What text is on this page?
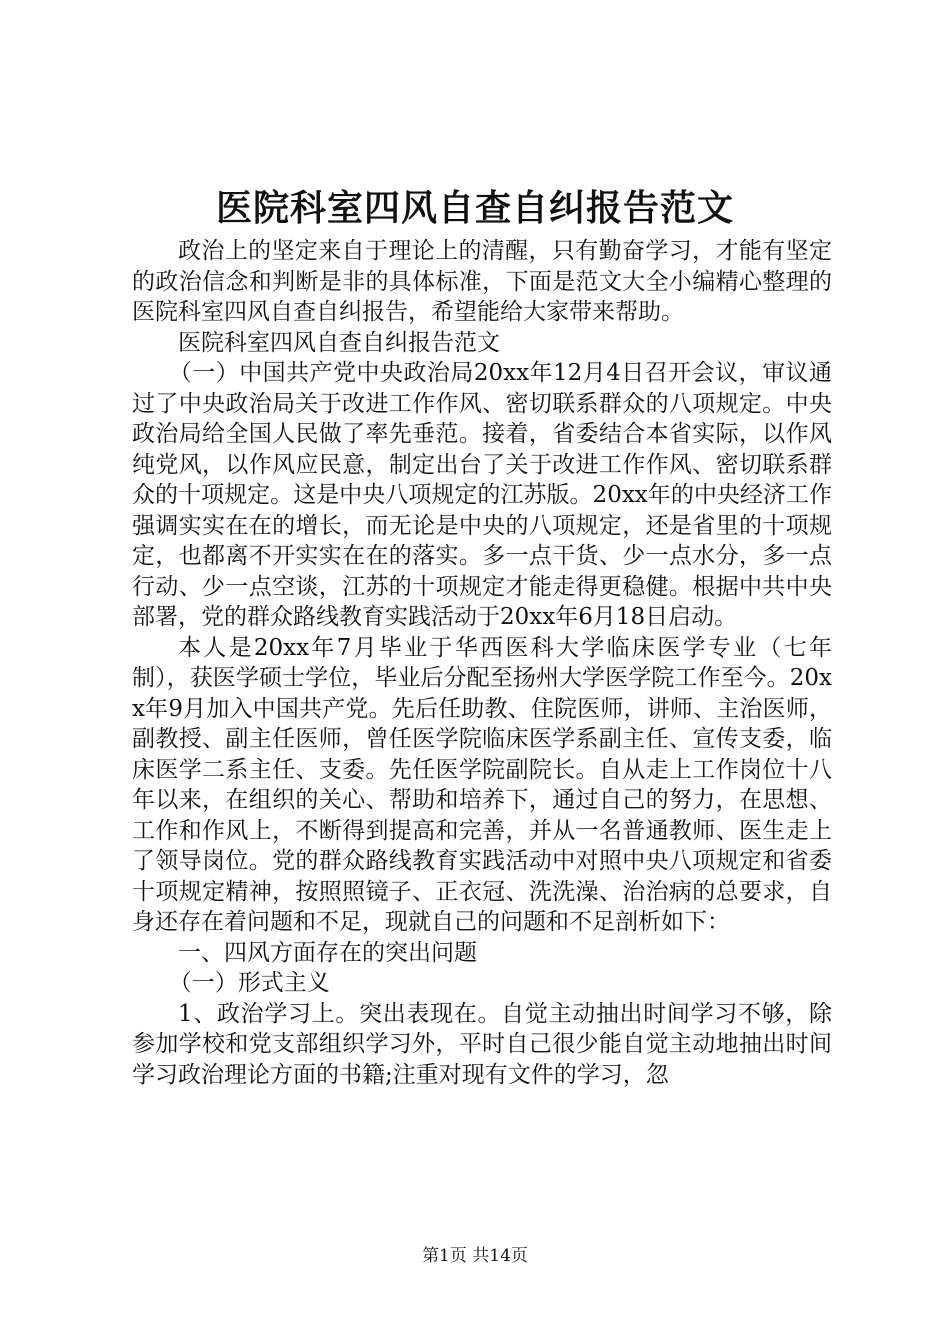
医院科室四风自查自纠报告范文

政治上的坚定来自于理论上的清醒，只有勤奋学习，才能有坚定的政治信念和判断是非的具体标准，下面是范文大全小编精心整理的医院科室四风自查自纠报告，希望能给大家带来帮助。

医院科室四风自查自纠报告范文

（一）中国共产党中央政治局20xx年12月4日召开会议，审议通过了中央政治局关于改进工作作风、密切联系群众的八项规定。中央政治局给全国人民做了率先垂范。接着，省委结合本省实际，以作风纯党风，以作风应民意，制定出台了关于改进工作作风、密切联系群众的十项规定。这是中央八项规定的江苏版。20xx年的中央经济工作强调实实在在的增长，而无论是中央的八项规定，还是省里的十项规定，也都离不开实实在在的落实。多一点干货、少一点水分，多一点行动、少一点空谈，江苏的十项规定才能走得更稳健。根据中共中央部署，党的群众路线教育实践活动于20xx年6月18日启动。

本人是20xx年7月毕业于华西医科大学临床医学专业（七年制），获医学硕士学位，毕业后分配至扬州大学医学院工作至今。20xx年9月加入中国共产党。先后任助教、住院医师，讲师、主治医师，副教授、副主任医师，曾任医学院临床医学系副主任、宣传支委，临床医学二系主任、支委。先任医学院副院长。自从走上工作岗位十八年以来，在组织的关心、帮助和培养下，通过自己的努力，在思想、工作和作风上，不断得到提高和完善，并从一名普通教师、医生走上了领导岗位。党的群众路线教育实践活动中对照中央八项规定和省委十项规定精神，按照照镜子、正衣冠、洗洗澡、治治病的总要求，自身还存在着问题和不足，现就自己的问题和不足剖析如下：

一、四风方面存在的突出问题

（一）形式主义

1、政治学习上。突出表现在。自觉主动抽出时间学习不够，除参加学校和党支部组织学习外，平时自己很少能自觉主动地抽出时间学习政治理论方面的书籍;注重对现有文件的学习，忽

第1页 共14页
